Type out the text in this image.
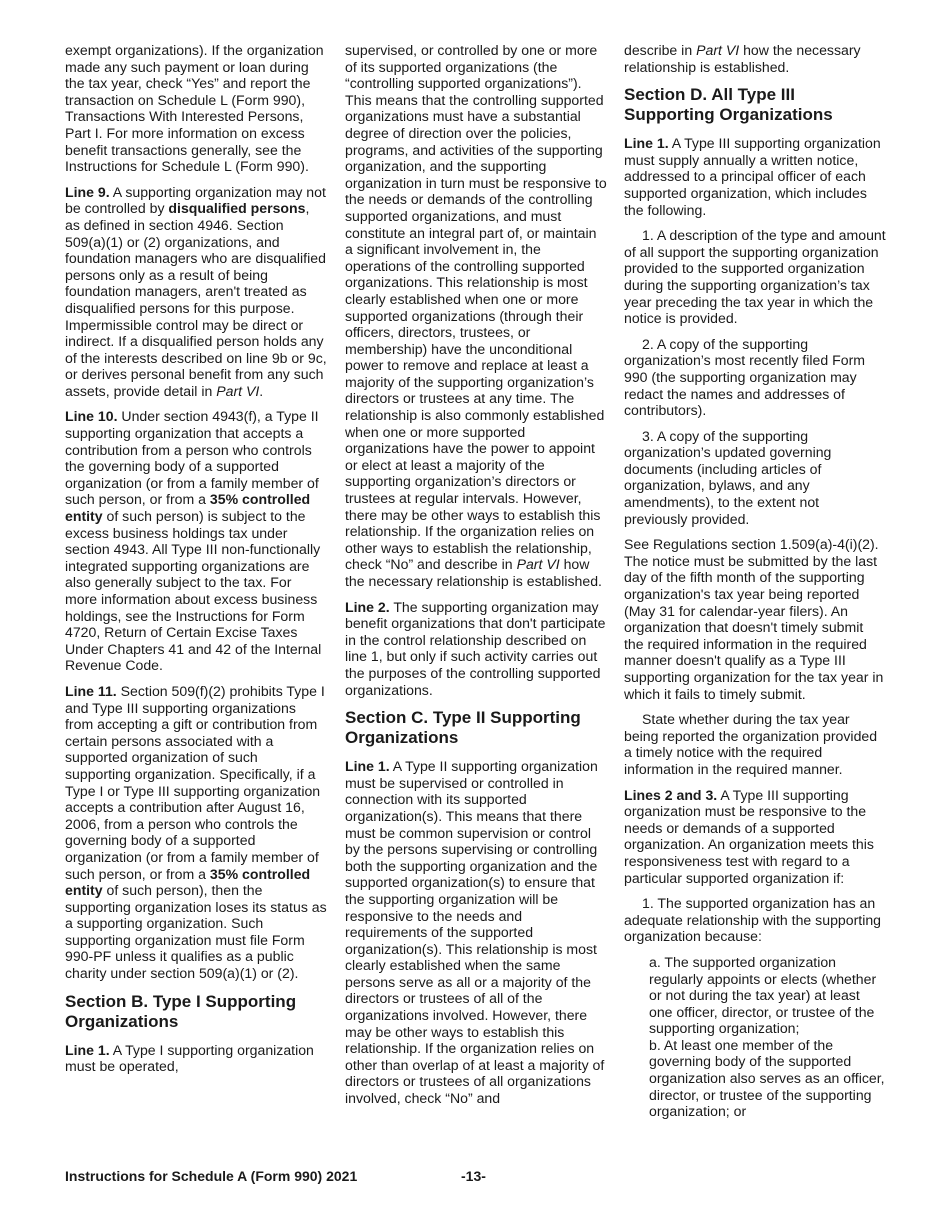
exempt organizations). If the organization made any such payment or loan during the tax year, check “Yes” and report the transaction on Schedule L (Form 990), Transactions With Interested Persons, Part I. For more information on excess benefit transactions generally, see the Instructions for Schedule L (Form 990).

Line 9. A supporting organization may not be controlled by disqualified persons, as defined in section 4946. Section 509(a)(1) or (2) organizations, and foundation managers who are disqualified persons only as a result of being foundation managers, aren't treated as disqualified persons for this purpose. Impermissible control may be direct or indirect. If a disqualified person holds any of the interests described on line 9b or 9c, or derives personal benefit from any such assets, provide detail in Part VI.

Line 10. Under section 4943(f), a Type II supporting organization that accepts a contribution from a person who controls the governing body of a supported organization (or from a family member of such person, or from a 35% controlled entity of such person) is subject to the excess business holdings tax under section 4943. All Type III non-functionally integrated supporting organizations are also generally subject to the tax. For more information about excess business holdings, see the Instructions for Form 4720, Return of Certain Excise Taxes Under Chapters 41 and 42 of the Internal Revenue Code.

Line 11. Section 509(f)(2) prohibits Type I and Type III supporting organizations from accepting a gift or contribution from certain persons associated with a supported organization of such supporting organization. Specifically, if a Type I or Type III supporting organization accepts a contribution after August 16, 2006, from a person who controls the governing body of a supported organization (or from a family member of such person, or from a 35% controlled entity of such person), then the supporting organization loses its status as a supporting organization. Such supporting organization must file Form 990-PF unless it qualifies as a public charity under section 509(a)(1) or (2).

Section B. Type I Supporting Organizations

Line 1. A Type I supporting organization must be operated,

supervised, or controlled by one or more of its supported organizations (the “controlling supported organizations”). This means that the controlling supported organizations must have a substantial degree of direction over the policies, programs, and activities of the supporting organization, and the supporting organization in turn must be responsive to the needs or demands of the controlling supported organizations, and must constitute an integral part of, or maintain a significant involvement in, the operations of the controlling supported organizations. This relationship is most clearly established when one or more supported organizations (through their officers, directors, trustees, or membership) have the unconditional power to remove and replace at least a majority of the supporting organization’s directors or trustees at any time. The relationship is also commonly established when one or more supported organizations have the power to appoint or elect at least a majority of the supporting organization’s directors or trustees at regular intervals. However, there may be other ways to establish this relationship. If the organization relies on other ways to establish the relationship, check “No” and describe in Part VI how the necessary relationship is established.

Line 2. The supporting organization may benefit organizations that don't participate in the control relationship described on line 1, but only if such activity carries out the purposes of the controlling supported organizations.

Section C. Type II Supporting Organizations

Line 1. A Type II supporting organization must be supervised or controlled in connection with its supported organization(s). This means that there must be common supervision or control by the persons supervising or controlling both the supporting organization and the supported organization(s) to ensure that the supporting organization will be responsive to the needs and requirements of the supported organization(s). This relationship is most clearly established when the same persons serve as all or a majority of the directors or trustees of all of the organizations involved. However, there may be other ways to establish this relationship. If the organization relies on other than overlap of at least a majority of directors or trustees of all organizations involved, check “No” and

describe in Part VI how the necessary relationship is established.

Section D. All Type III Supporting Organizations

Line 1. A Type III supporting organization must supply annually a written notice, addressed to a principal officer of each supported organization, which includes the following.

1. A description of the type and amount of all support the supporting organization provided to the supported organization during the supporting organization’s tax year preceding the tax year in which the notice is provided.

2. A copy of the supporting organization’s most recently filed Form 990 (the supporting organization may redact the names and addresses of contributors).

3. A copy of the supporting organization’s updated governing documents (including articles of organization, bylaws, and any amendments), to the extent not previously provided.

See Regulations section 1.509(a)-4(i)(2). The notice must be submitted by the last day of the fifth month of the supporting organization's tax year being reported (May 31 for calendar-year filers). An organization that doesn't timely submit the required information in the required manner doesn't qualify as a Type III supporting organization for the tax year in which it fails to timely submit.

State whether during the tax year being reported the organization provided a timely notice with the required information in the required manner.

Lines 2 and 3. A Type III supporting organization must be responsive to the needs or demands of a supported organization. An organization meets this responsiveness test with regard to a particular supported organization if:

1. The supported organization has an adequate relationship with the supporting organization because:

a. The supported organization regularly appoints or elects (whether or not during the tax year) at least one officer, director, or trustee of the supporting organization;

b. At least one member of the governing body of the supported organization also serves as an officer, director, or trustee of the supporting organization; or

Instructions for Schedule A (Form 990) 2021	-13-
